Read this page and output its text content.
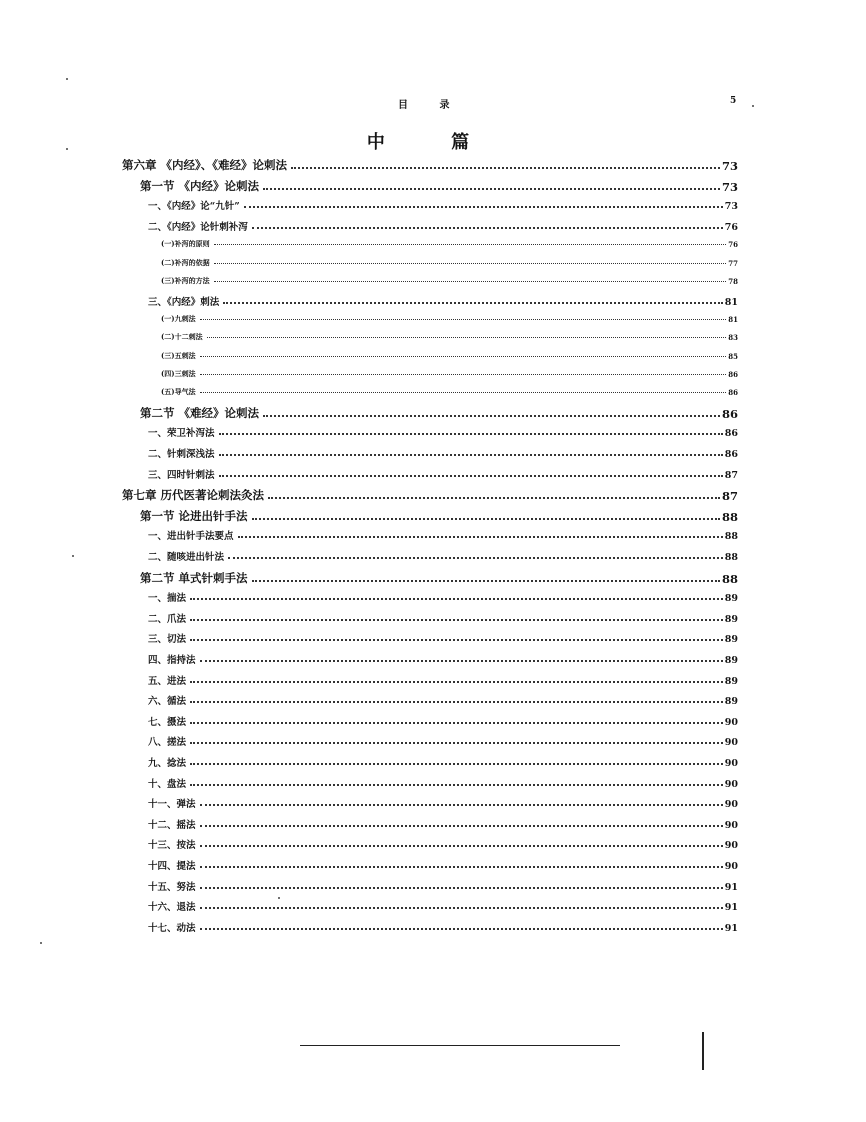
目 录	5
中 篇
第六章 《内经》、《难经》论刺法	73
第一节 《内经》论刺法	73
一、《内经》论“九针”	73
二、《内经》论针刺补泻	76
(一)补泻的原则	76
(二)补泻的依据	77
(三)补泻的方法	78
三、《内经》刺法	81
(一)九刺法	81
(二)十二刺法	83
(三)五刺法	85
(四)三刺法	86
(五)导气法	86
第二节 《难经》论刺法	86
一、荣卫补泻法	86
二、针刺深浅法	86
三、四时针刺法	87
第七章 历代医著论刺法灸法	87
第一节 论进出针手法	88
一、进出针手法要点	88
二、随咳进出针法	88
第二节 单式针刺手法	88
一、揣法	89
二、爪法	89
三、切法	89
四、指持法	89
五、进法	89
六、循法	89
七、摄法	90
八、搓法	90
九、捻法	90
十、盘法	90
十一、弹法	90
十二、摇法	90
十三、按法	90
十四、提法	90
十五、努法	91
十六、退法	91
十七、动法	91
